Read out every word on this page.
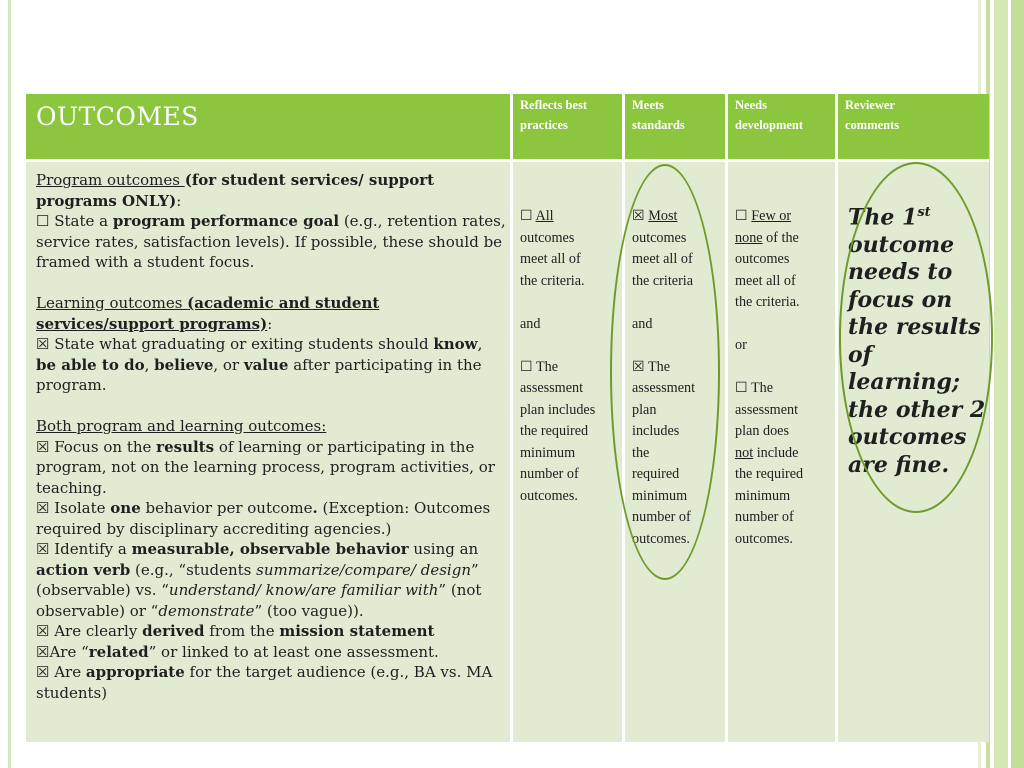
OUTCOMES	Reflects best
practices
Meets
standards
Needs
development
Reviewer
comments

Program outcomes (for student services/ support programs ONLY):

☐ State a program performance goal (e.g., retention rates, service rates, satisfaction levels). If possible, these should be framed with a student focus.

Learning outcomes (academic and student services/support programs):

☒ State what graduating or exiting students should know, be able to do, believe, or value after participating in the program.

Both program and learning outcomes:

☒ Focus on the results of learning or participating in the program, not on the learning process, program activities, or teaching.

☒ Isolate one behavior per outcome. (Exception: Outcomes required by disciplinary accrediting agencies.)

☒ Identify a measurable, observable behavior using an action verb (e.g., “students summarize/compare/ design” (observable) vs. “understand/ know/are familiar with” (not observable) or “demonstrate” (too vague)).

☒ Are clearly derived from the mission statement

☒Are “related” or linked to at least one assessment.

☒ Are appropriate for the target audience (e.g., BA vs. MA students)

☐ All

outcomes

meet all of

the criteria.

and

☐ The

assessment

plan includes

the required

minimum

number of

outcomes.

☒ Most

outcomes

meet all of

the criteria

and

☒ The

assessment

plan

includes

the

required

minimum

number of

outcomes.

☐ Few or

none of the

outcomes

meet all of

the criteria.

or

☐ The

assessment

plan does

not include

the required

minimum

number of

outcomes.

The 1st outcome needs to focus on the results of learning; the other 2 outcomes are fine.
